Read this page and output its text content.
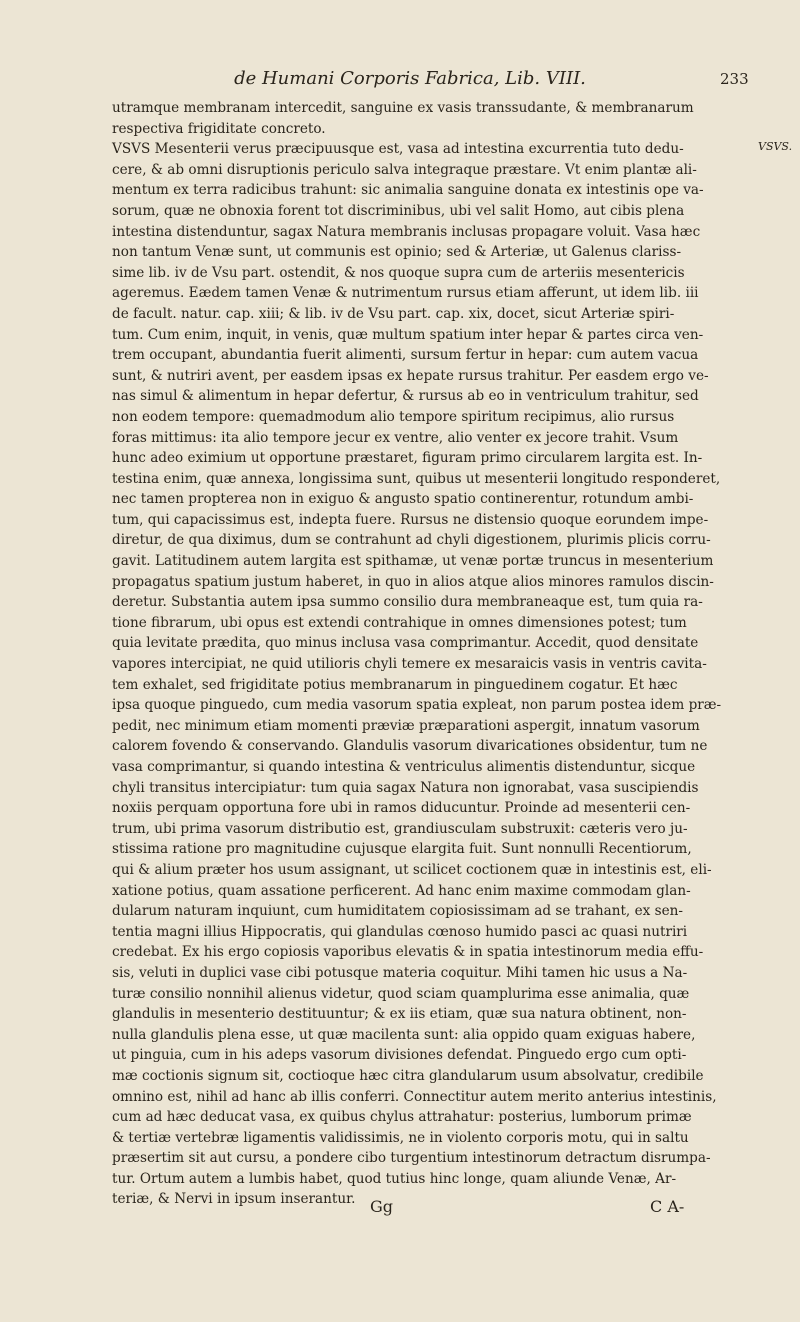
de Humani Corporis Fabrica, Lib. VIII.	233
VSVS.
utramque membranam intercedit, sanguine ex vasis transsudante, & membranarum
respectiva frigiditate concreto.
VSVS Mesenterii verus præcipuusque est, vasa ad intestina excurrentia tuto dedu-
cere, & ab omni disruptionis periculo salva integraque præstare. Vt enim plantæ ali-
mentum ex terra radicibus trahunt: sic animalia sanguine donata ex intestinis ope va-
sorum, quæ ne obnoxia forent tot discriminibus, ubi vel salit Homo, aut cibis plena
intestina distenduntur, sagax Natura membranis inclusas propagare voluit. Vasa hæc
non tantum Venæ sunt, ut communis est opinio; sed & Arteriæ, ut Galenus clariss-
sime lib. iv de Vsu part. ostendit, & nos quoque supra cum de arteriis mesentericis
ageremus. Eædem tamen Venæ & nutrimentum rursus etiam afferunt, ut idem lib. iii
de facult. natur. cap. xiii; & lib. iv de Vsu part. cap. xix, docet, sicut Arteriæ spiri-
tum. Cum enim, inquit, in venis, quæ multum spatium inter hepar & partes circa ven-
trem occupant, abundantia fuerit alimenti, sursum fertur in hepar: cum autem vacua
sunt, & nutriri avent, per easdem ipsas ex hepate rursus trahitur. Per easdem ergo ve-
nas simul & alimentum in hepar defertur, & rursus ab eo in ventriculum trahitur, sed
non eodem tempore: quemadmodum alio tempore spiritum recipimus, alio rursus
foras mittimus: ita alio tempore jecur ex ventre, alio venter ex jecore trahit. Vsum
hunc adeo eximium ut opportune præstaret, figuram primo circularem largita est. In-
testina enim, quæ annexa, longissima sunt, quibus ut mesenterii longitudo responderet,
nec tamen propterea non in exiguo & angusto spatio continerentur, rotundum ambi-
tum, qui capacissimus est, indepta fuere. Rursus ne distensio quoque eorundem impe-
diretur, de qua diximus, dum se contrahunt ad chyli digestionem, plurimis plicis corru-
gavit. Latitudinem autem largita est spithamæ, ut venæ portæ truncus in mesenterium
propagatus spatium justum haberet, in quo in alios atque alios minores ramulos discin-
deretur. Substantia autem ipsa summo consilio dura membraneaque est, tum quia ra-
tione fibrarum, ubi opus est extendi contrahique in omnes dimensiones potest; tum
quia levitate prædita, quo minus inclusa vasa comprimantur. Accedit, quod densitate
vapores intercipiat, ne quid utilioris chyli temere ex mesaraicis vasis in ventris cavita-
tem exhalet, sed frigiditate potius membranarum in pinguedinem cogatur. Et hæc
ipsa quoque pinguedo, cum media vasorum spatia expleat, non parum postea idem præ-
pedit, nec minimum etiam momenti præviæ præparationi aspergit, innatum vasorum
calorem fovendo & conservando. Glandulis vasorum divaricationes obsidentur, tum ne
vasa comprimantur, si quando intestina & ventriculus alimentis distenduntur, sicque
chyli transitus intercipiatur: tum quia sagax Natura non ignorabat, vasa suscipiendis
noxiis perquam opportuna fore ubi in ramos diducuntur. Proinde ad mesenterii cen-
trum, ubi prima vasorum distributio est, grandiusculam substruxit: cæteris vero ju-
stissima ratione pro magnitudine cujusque elargita fuit. Sunt nonnulli Recentiorum,
qui & alium præter hos usum assignant, ut scilicet coctionem quæ in intestinis est, eli-
xatione potius, quam assatione perficerent. Ad hanc enim maxime commodam glan-
dularum naturam inquiunt, cum humiditatem copiosissimam ad se trahant, ex sen-
tentia magni illius Hippocratis, qui glandulas cœnoso humido pasci ac quasi nutriri
credebat. Ex his ergo copiosis vaporibus elevatis & in spatia intestinorum media effu-
sis, veluti in duplici vase cibi potusque materia coquitur. Mihi tamen hic usus a Na-
turæ consilio nonnihil alienus videtur, quod sciam quamplurima esse animalia, quæ
glandulis in mesenterio destituuntur; & ex iis etiam, quæ sua natura obtinent, non-
nulla glandulis plena esse, ut quæ macilenta sunt: alia oppido quam exiguas habere,
ut pinguia, cum in his adeps vasorum divisiones defendat. Pinguedo ergo cum opti-
mæ coctionis signum sit, coctioque hæc citra glandularum usum absolvatur, credibile
omnino est, nihil ad hanc ab illis conferri. Connectitur autem merito anterius intestinis,
cum ad hæc deducat vasa, ex quibus chylus attrahatur: posterius, lumborum primæ
& tertiæ vertebræ ligamentis validissimis, ne in violento corporis motu, qui in saltu
præsertim sit aut cursu, a pondere cibo turgentium intestinorum detractum disrumpa-
tur. Ortum autem a lumbis habet, quod tutius hinc longe, quam aliunde Venæ, Ar-
teriæ, & Nervi in ipsum inserantur. Gg	C A-
